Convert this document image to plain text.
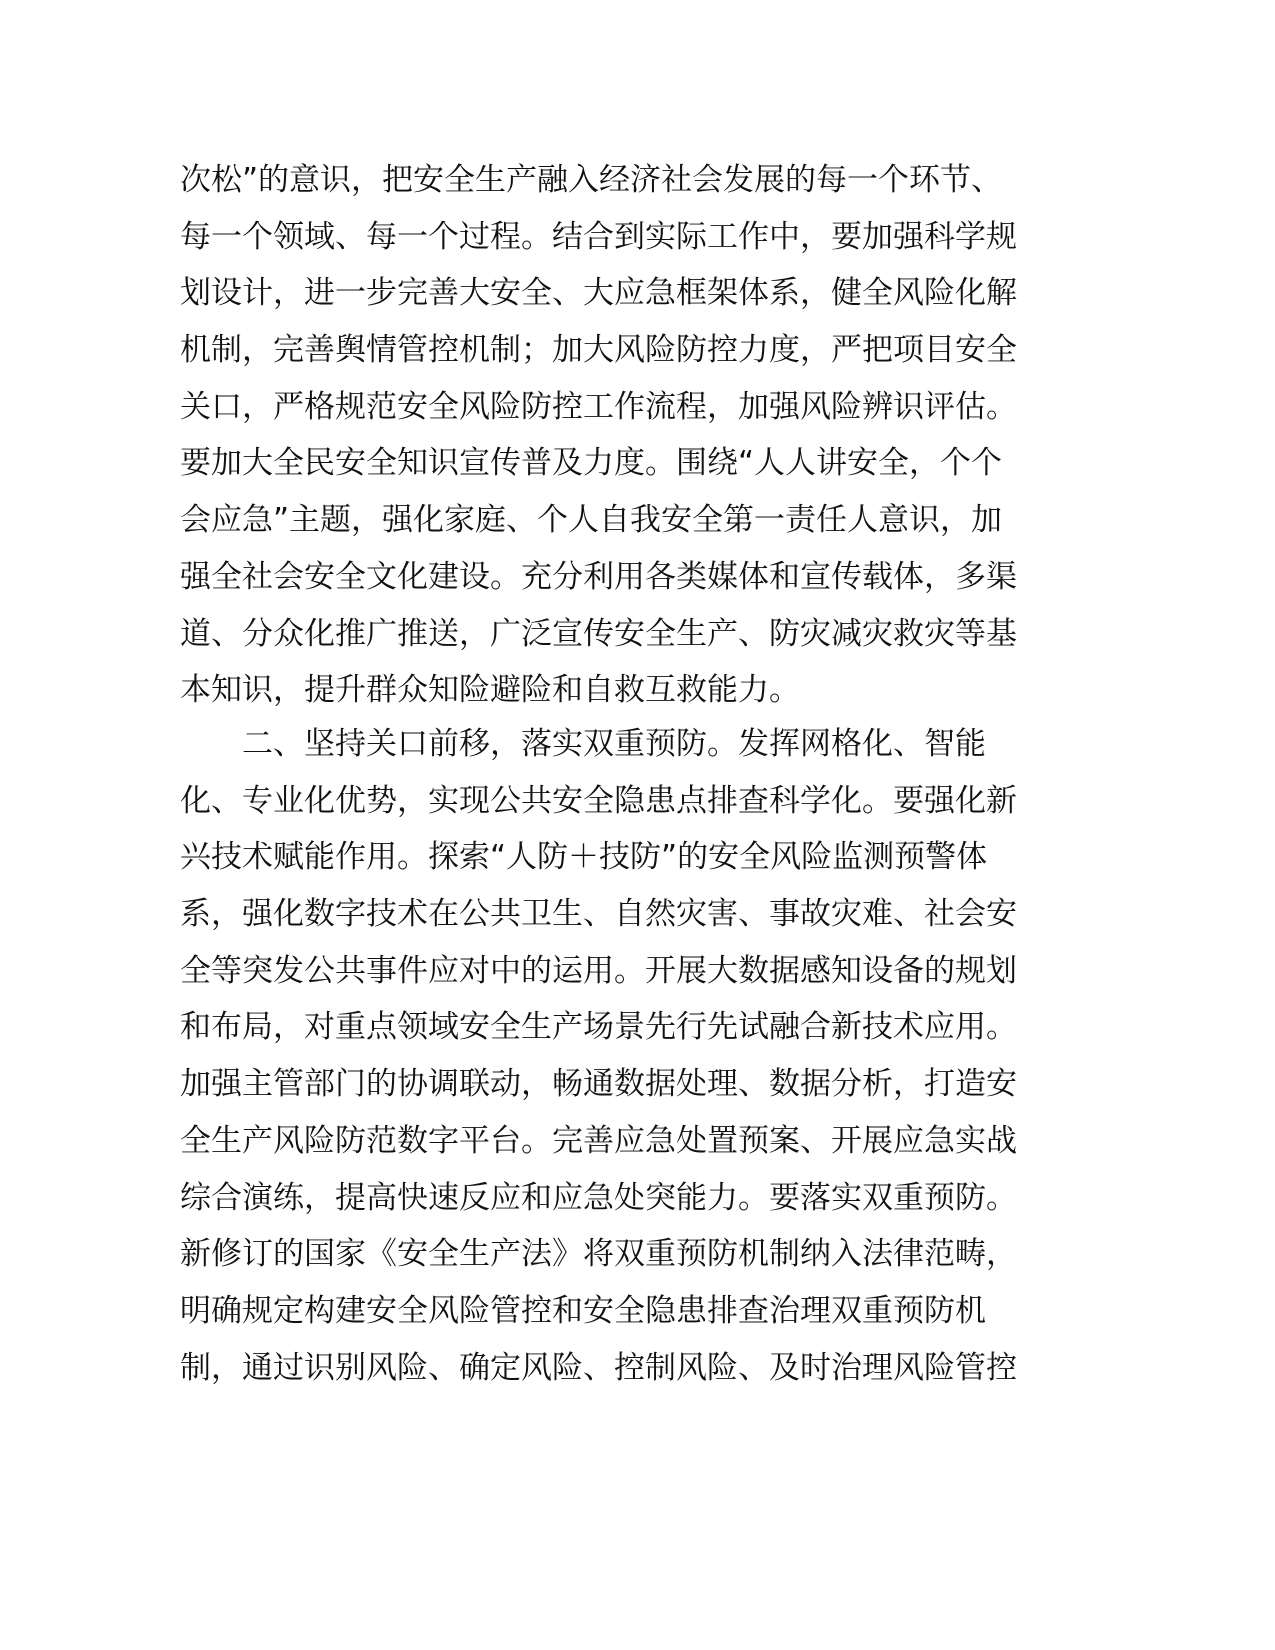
次松”的意识，把安全生产融入经济社会发展的每一个环节、
每一个领域、每一个过程。结合到实际工作中，要加强科学规
划设计，进一步完善大安全、大应急框架体系，健全风险化解
机制，完善舆情管控机制；加大风险防控力度，严把项目安全
关口，严格规范安全风险防控工作流程，加强风险辨识评估。
要加大全民安全知识宣传普及力度。围绕“人人讲安全，个个
会应急”主题，强化家庭、个人自我安全第一责任人意识，加
强全社会安全文化建设。充分利用各类媒体和宣传载体，多渠
道、分众化推广推送，广泛宣传安全生产、防灾减灾救灾等基
本知识，提升群众知险避险和自救互救能力。
　　二、坚持关口前移，落实双重预防。发挥网格化、智能
化、专业化优势，实现公共安全隐患点排查科学化。要强化新
兴技术赋能作用。探索“人防＋技防”的安全风险监测预警体
系，强化数字技术在公共卫生、自然灾害、事故灾难、社会安
全等突发公共事件应对中的运用。开展大数据感知设备的规划
和布局，对重点领域安全生产场景先行先试融合新技术应用。
加强主管部门的协调联动，畅通数据处理、数据分析，打造安
全生产风险防范数字平台。完善应急处置预案、开展应急实战
综合演练，提高快速反应和应急处突能力。要落实双重预防。
新修订的国家《安全生产法》将双重预防机制纳入法律范畴，
明确规定构建安全风险管控和安全隐患排查治理双重预防机
制，通过识别风险、确定风险、控制风险、及时治理风险管控
